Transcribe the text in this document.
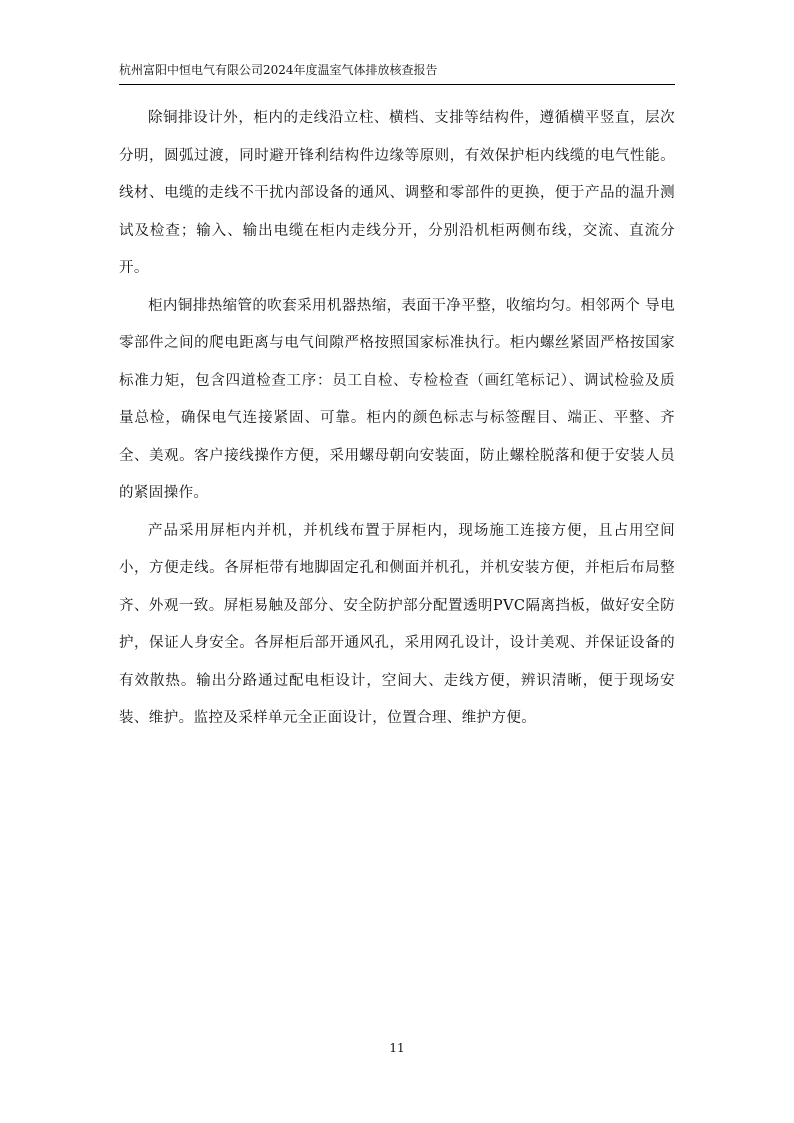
杭州富阳中恒电气有限公司2024年度温室气体排放核查报告

除铜排设计外，柜内的走线沿立柱、横档、支排等结构件，遵循横平竖直，层次分明，圆弧过渡，同时避开锋利结构件边缘等原则，有效保护柜内线缆的电气性能。线材、电缆的走线不干扰内部设备的通风、调整和零部件的更换，便于产品的温升测试及检查；输入、输出电缆在柜内走线分开，分别沿机柜两侧布线，交流、直流分开。

柜内铜排热缩管的吹套采用机器热缩，表面干净平整，收缩均匀。相邻两个 导电零部件之间的爬电距离与电气间隙严格按照国家标准执行。柜内螺丝紧固严格按国家标准力矩，包含四道检查工序：员工自检、专检检查（画红笔标记）、调试检验及质量总检，确保电气连接紧固、可靠。柜内的颜色标志与标签醒目、端正、平整、齐全、美观。客户接线操作方便，采用螺母朝向安装面，防止螺栓脱落和便于安装人员的紧固操作。

产品采用屏柜内并机，并机线布置于屏柜内，现场施工连接方便，且占用空间小，方便走线。各屏柜带有地脚固定孔和侧面并机孔，并机安装方便，并柜后布局整齐、外观一致。屏柜易触及部分、安全防护部分配置透明PVC隔离挡板，做好安全防护，保证人身安全。各屏柜后部开通风孔，采用网孔设计，设计美观、并保证设备的有效散热。输出分路通过配电柜设计，空间大、走线方便，辨识清晰，便于现场安装、维护。监控及采样单元全正面设计，位置合理、维护方便。

11
